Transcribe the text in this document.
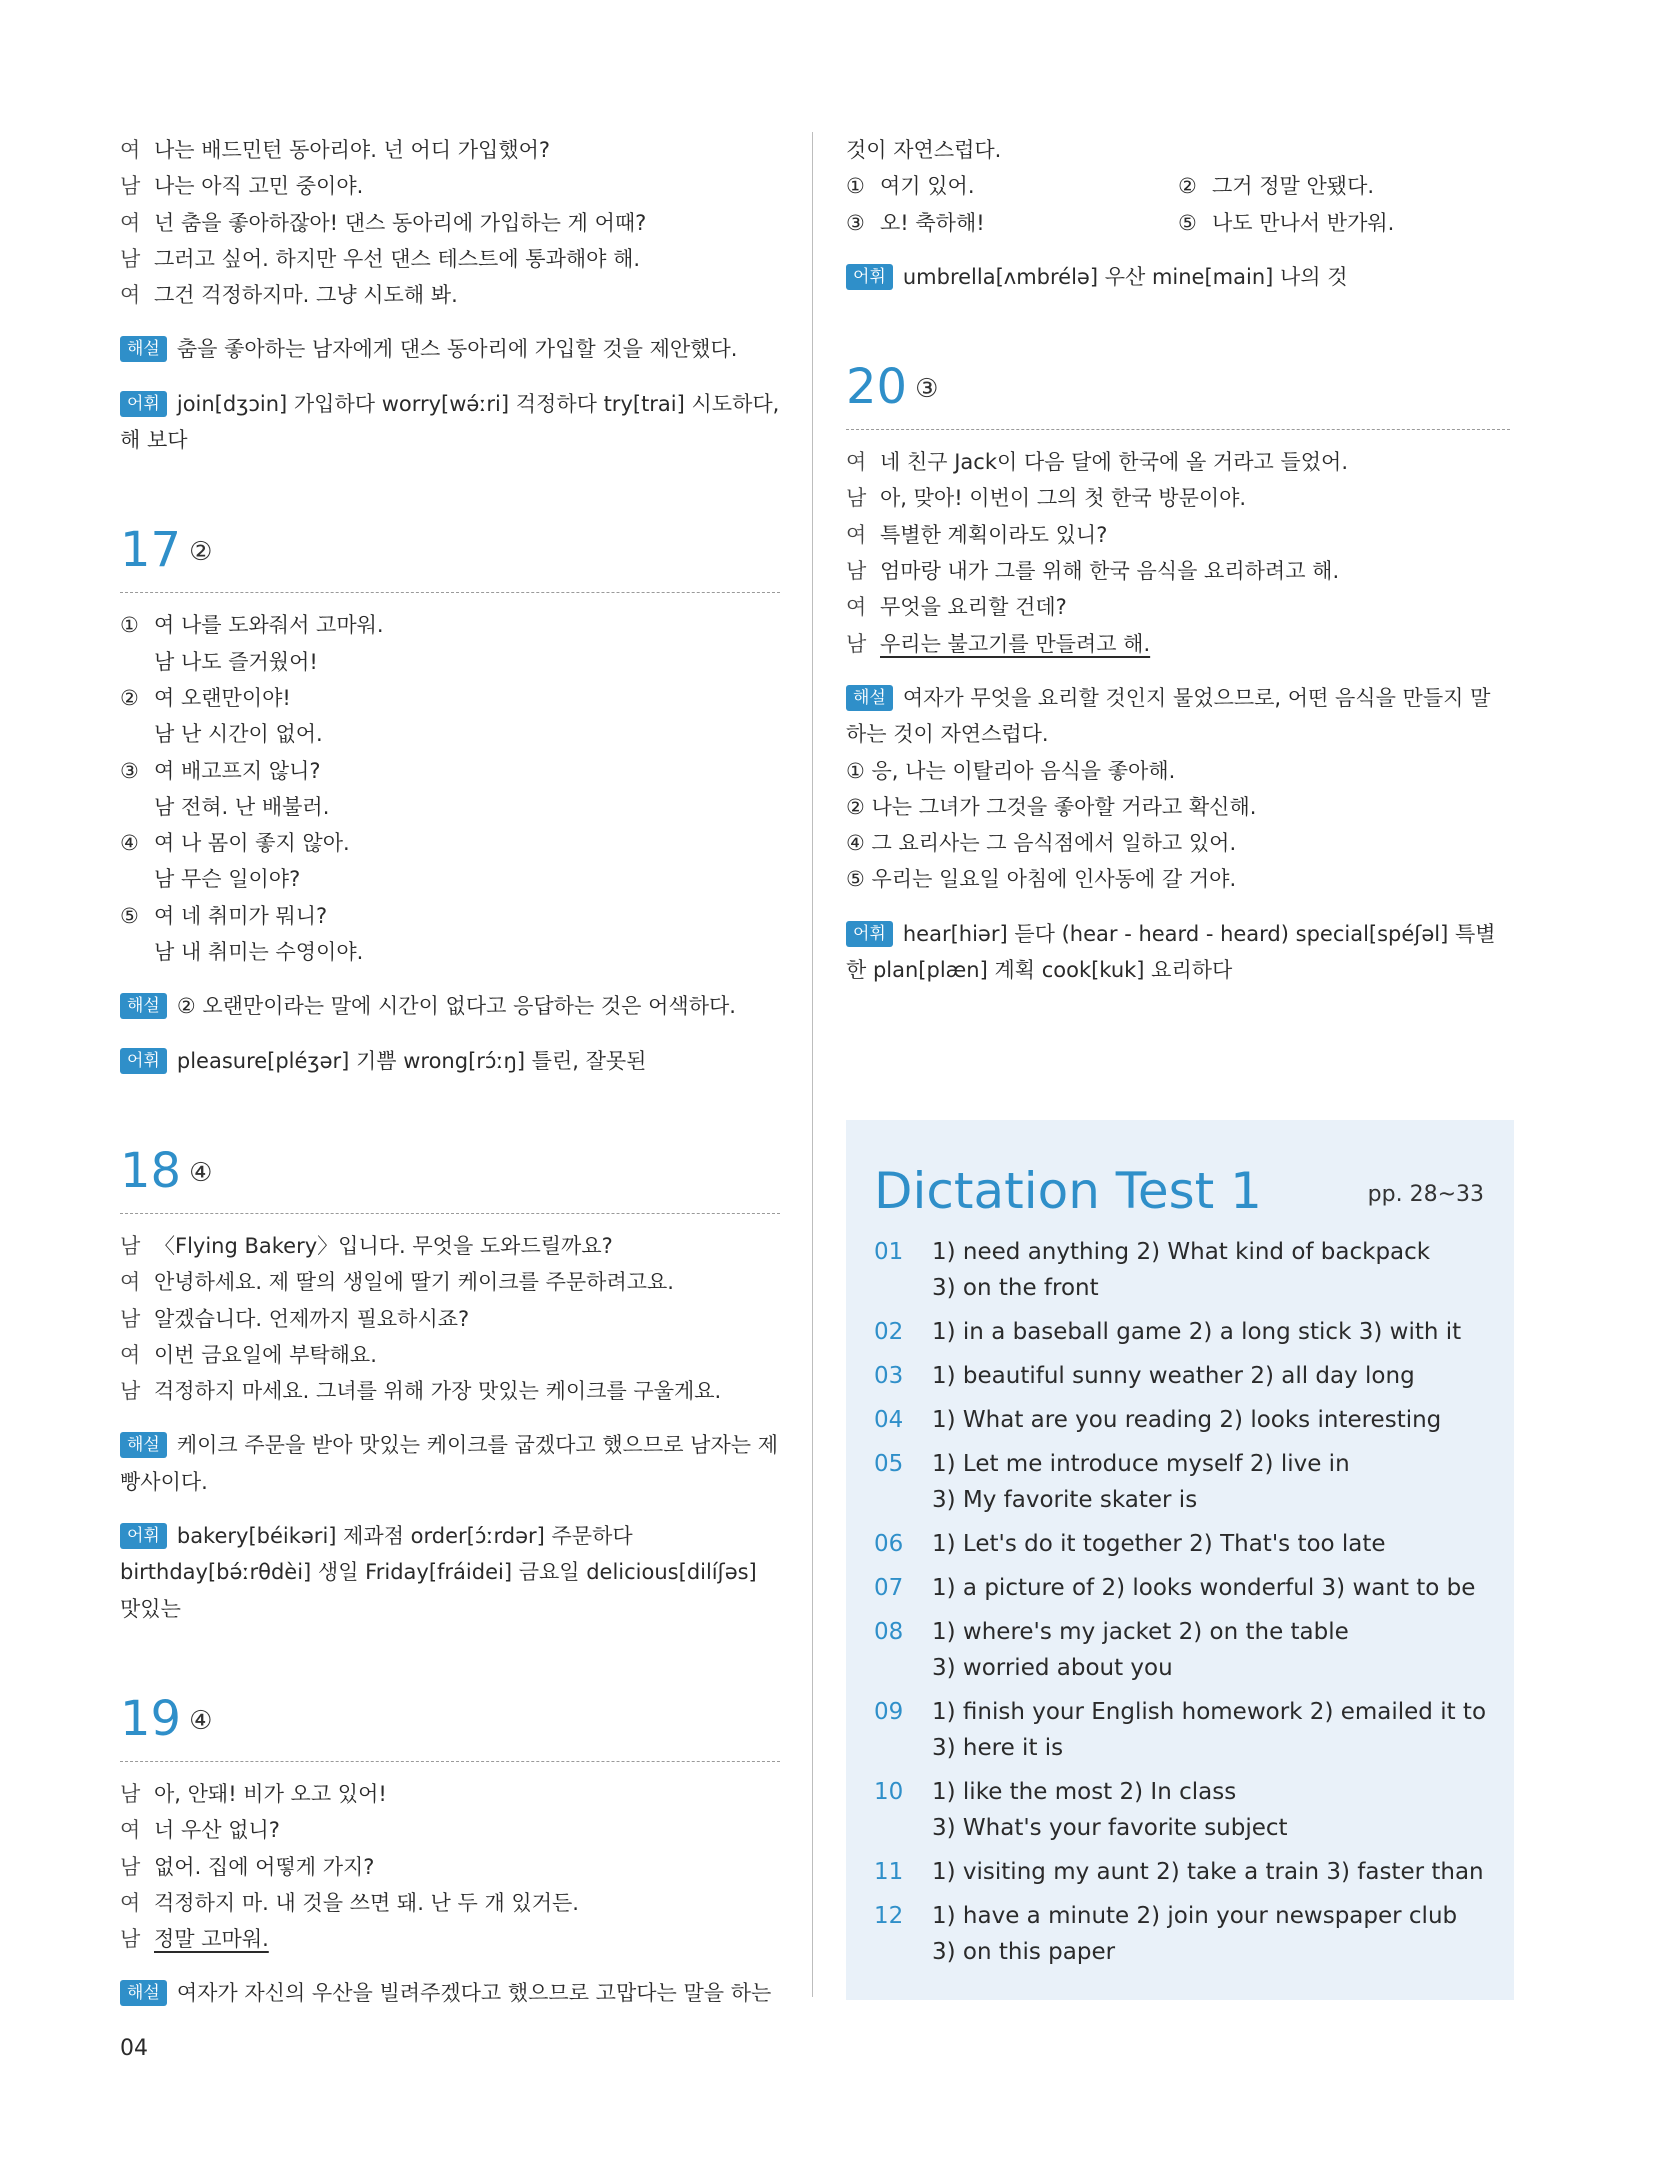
여 나는 배드민턴 동아리야. 넌 어디 가입했어?
남 나는 아직 고민 중이야.
여 넌 춤을 좋아하잖아! 댄스 동아리에 가입하는 게 어때?
남 그러고 싶어. 하지만 우선 댄스 테스트에 통과해야 해.
여 그건 걱정하지마. 그냥 시도해 봐.
해설 춤을 좋아하는 남자에게 댄스 동아리에 가입할 것을 제안했다.
어휘 join[dʒɔin] 가입하다 worry[wə́ːri] 걱정하다 try[trai] 시도하다, 해 보다
17 ②
① 여 나를 도와줘서 고마워.
남 나도 즐거웠어!
② 여 오랜만이야!
남 난 시간이 없어.
③ 여 배고프지 않니?
남 전혀. 난 배불러.
④ 여 나 몸이 좋지 않아.
남 무슨 일이야?
⑤ 여 네 취미가 뭐니?
남 내 취미는 수영이야.
해설 ② 오랜만이라는 말에 시간이 없다고 응답하는 것은 어색하다.
어휘 pleasure[pléʒər] 기쁨 wrong[rɔ́ːŋ] 틀린, 잘못된
18 ④
남 〈Flying Bakery〉입니다. 무엇을 도와드릴까요?
여 안녕하세요. 제 딸의 생일에 딸기 케이크를 주문하려고요.
남 알겠습니다. 언제까지 필요하시죠?
여 이번 금요일에 부탁해요.
남 걱정하지 마세요. 그녀를 위해 가장 맛있는 케이크를 구울게요.
해설 케이크 주문을 받아 맛있는 케이크를 굽겠다고 했으므로 남자는 제빵사이다.
어휘 bakery[béikəri] 제과점 order[ɔ́ːrdər] 주문하다 birthday[bə́ːrθdèi] 생일 Friday[fráidei] 금요일 delicious[dilíʃəs] 맛있는
19 ④
남 아, 안돼! 비가 오고 있어!
여 너 우산 없니?
남 없어. 집에 어떻게 가지?
여 걱정하지 마. 내 것을 쓰면 돼. 난 두 개 있거든.
남 정말 고마워.
해설 여자가 자신의 우산을 빌려주겠다고 했으므로 고맙다는 말을 하는
것이 자연스럽다.
① 여기 있어.	② 그거 정말 안됐다.
③ 오! 축하해!	⑤ 나도 만나서 반가워.
어휘 umbrella[ʌmbrélə] 우산 mine[main] 나의 것
20 ③
여 네 친구 Jack이 다음 달에 한국에 올 거라고 들었어.
남 아, 맞아! 이번이 그의 첫 한국 방문이야.
여 특별한 계획이라도 있니?
남 엄마랑 내가 그를 위해 한국 음식을 요리하려고 해.
여 무엇을 요리할 건데?
남 우리는 불고기를 만들려고 해.
해설 여자가 무엇을 요리할 것인지 물었으므로, 어떤 음식을 만들지 말하는 것이 자연스럽다.
① 응, 나는 이탈리아 음식을 좋아해.
② 나는 그녀가 그것을 좋아할 거라고 확신해.
④ 그 요리사는 그 음식점에서 일하고 있어.
⑤ 우리는 일요일 아침에 인사동에 갈 거야.
어휘 hear[hiər] 듣다 (hear - heard - heard) special[spéʃəl] 특별한 plan[plæn] 계획 cook[kuk] 요리하다
Dictation Test 1	pp. 28~33
01	1) need anything 2) What kind of backpack
3) on the front
02	1) in a baseball game 2) a long stick 3) with it
03	1) beautiful sunny weather 2) all day long
04	1) What are you reading 2) looks interesting
05	1) Let me introduce myself 2) live in
3) My favorite skater is
06	1) Let's do it together 2) That's too late
07	1) a picture of 2) looks wonderful 3) want to be
08	1) where's my jacket 2) on the table
3) worried about you
09	1) finish your English homework 2) emailed it to
3) here it is
10	1) like the most 2) In class
3) What's your favorite subject
11	1) visiting my aunt 2) take a train 3) faster than
12	1) have a minute 2) join your newspaper club
3) on this paper
04
